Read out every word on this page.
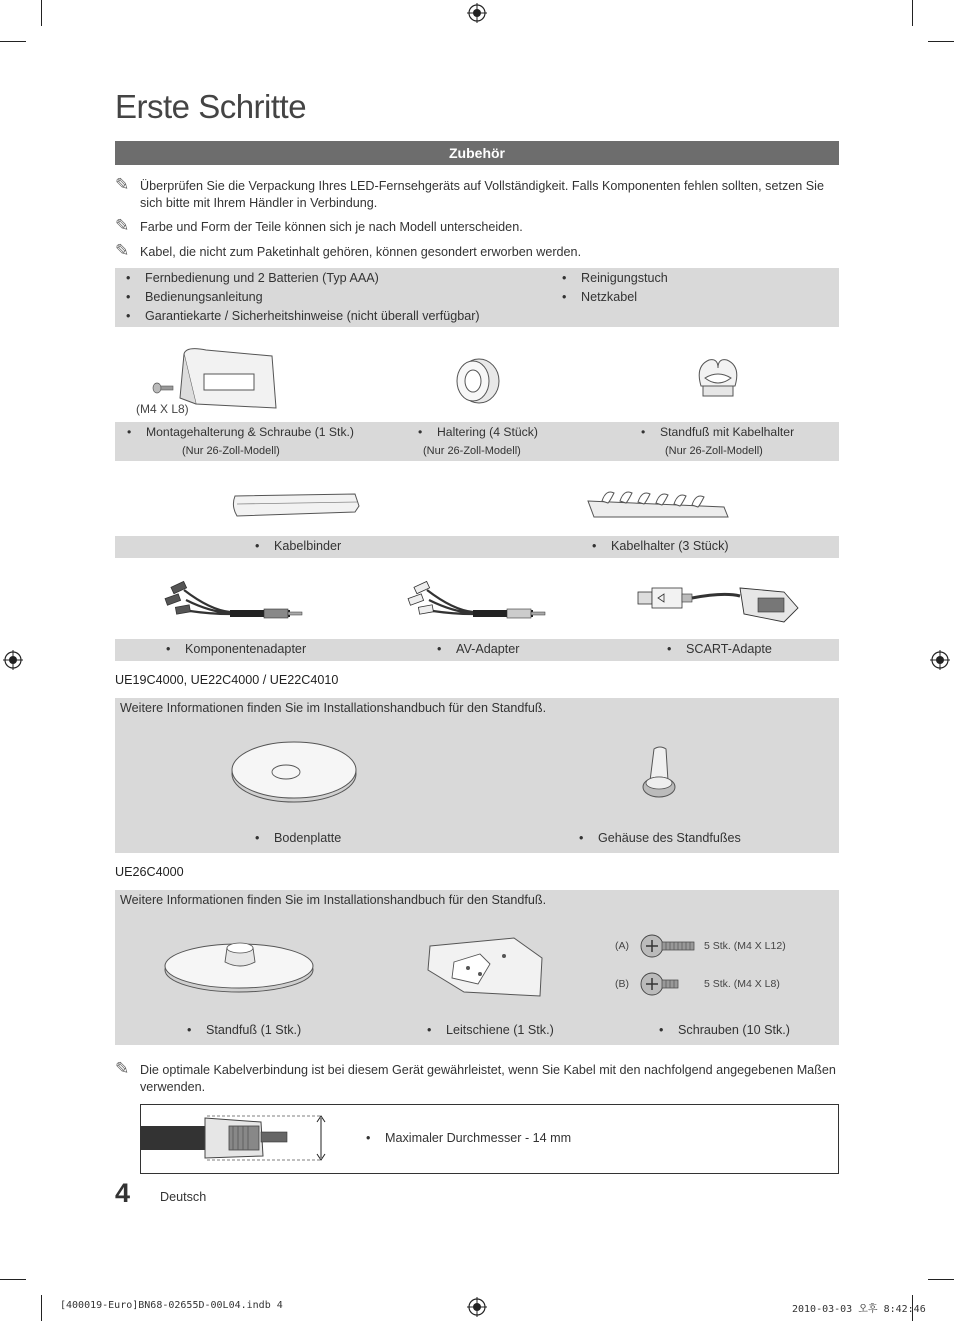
Erste Schritte
Zubehör
✎ Überprüfen Sie die Verpackung Ihres LED-Fernsehgeräts auf Vollständigkeit. Falls Komponenten fehlen sollten, setzen Sie sich bitte mit Ihrem Händler in Verbindung.
✎ Farbe und Form der Teile können sich je nach Modell unterscheiden.
✎ Kabel, die nicht zum Paketinhalt gehören, können gesondert erworben werden.
• Fernbedienung und 2 Batterien (Typ AAA)
• Bedienungsanleitung
• Garantiekarte / Sicherheitshinweise (nicht überall verfügbar)
• Reinigungstuch
• Netzkabel
(M4 X L8)
• Montagehalterung & Schraube (1 Stk.)
(Nur 26-Zoll-Modell)
• Haltering (4 Stück)
(Nur 26-Zoll-Modell)
• Standfuß mit Kabelhalter
(Nur 26-Zoll-Modell)
• Kabelbinder	• Kabelhalter (3 Stück)
• Komponentenadapter	• AV-Adapter	• SCART-Adapte
UE19C4000, UE22C4000 / UE22C4010
Weitere Informationen finden Sie im Installationshandbuch für den Standfuß.
• Bodenplatte	• Gehäuse des Standfußes
UE26C4000
Weitere Informationen finden Sie im Installationshandbuch für den Standfuß.
(A)	5 Stk. (M4 X L12)
(B)	5 Stk. (M4 X L8)
• Standfuß (1 Stk.)	• Leitschiene (1 Stk.)	• Schrauben (10 Stk.)
✎ Die optimale Kabelverbindung ist bei diesem Gerät gewährleistet, wenn Sie Kabel mit den nachfolgend angegebenen Maßen verwenden.
• Maximaler Durchmesser - 14 mm
4 Deutsch
[400019-Euro]BN68-02655D-00L04.indb 4	2010-03-03 오후 8:42:46
